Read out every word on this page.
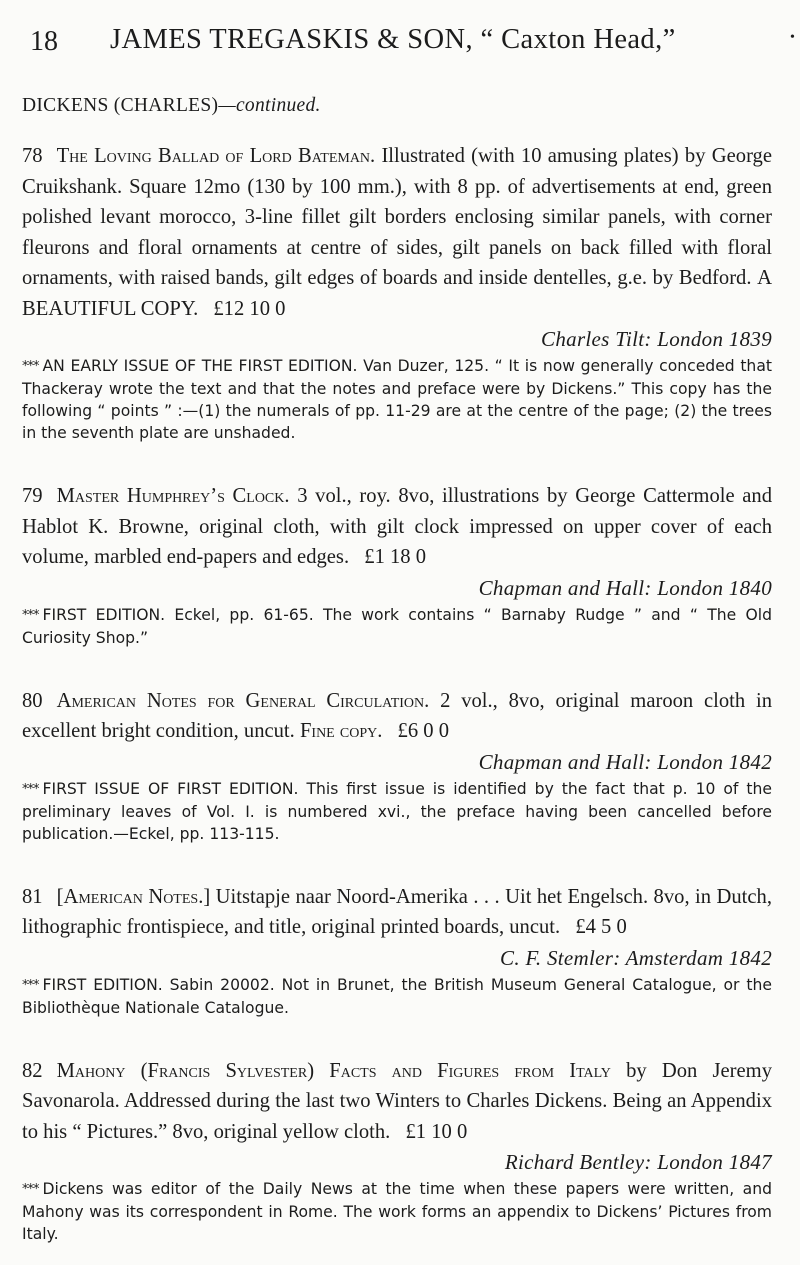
18 JAMES TREGASKIS & SON, “ Caxton Head,”	•
DICKENS (CHARLES)—continued.

78 The Loving Ballad of Lord Bateman. Illustrated (with 10 amusing plates) by George Cruikshank. Square 12mo (130 by 100 mm.), with 8 pp. of advertisements at end, green polished levant morocco, 3-line fillet gilt borders enclosing similar panels, with corner fleurons and floral ornaments at centre of sides, gilt panels on back filled with floral ornaments, with raised bands, gilt edges of boards and inside dentelles, g.e. by Bedford. A BEAUTIFUL COPY. £12 10 0

Charles Tilt: London 1839

*** AN EARLY ISSUE OF THE FIRST EDITION. Van Duzer, 125. “ It is now generally conceded that Thackeray wrote the text and that the notes and preface were by Dickens.” This copy has the following “ points ” :—(1) the numerals of pp. 11-29 are at the centre of the page; (2) the trees in the seventh plate are unshaded.

79 Master Humphrey’s Clock. 3 vol., roy. 8vo, illustrations by George Cattermole and Hablot K. Browne, original cloth, with gilt clock impressed on upper cover of each volume, marbled end-papers and edges. £1 18 0

Chapman and Hall: London 1840

*** FIRST EDITION. Eckel, pp. 61-65. The work contains “ Barnaby Rudge ” and “ The Old Curiosity Shop.”

80 American Notes for General Circulation. 2 vol., 8vo, original maroon cloth in excellent bright condition, uncut. Fine copy. £6 0 0

Chapman and Hall: London 1842

*** FIRST ISSUE OF FIRST EDITION. This first issue is identified by the fact that p. 10 of the preliminary leaves of Vol. I. is numbered xvi., the preface having been cancelled before publication.—Eckel, pp. 113-115.

81 [American Notes.] Uitstapje naar Noord-Amerika . . . Uit het Engelsch. 8vo, in Dutch, lithographic frontispiece, and title, original printed boards, uncut. £4 5 0

C. F. Stemler: Amsterdam 1842

*** FIRST EDITION. Sabin 20002. Not in Brunet, the British Museum General Catalogue, or the Bibliothèque Nationale Catalogue.

82 Mahony (Francis Sylvester) Facts and Figures from Italy by Don Jeremy Savonarola. Addressed during the last two Winters to Charles Dickens. Being an Appendix to his “ Pictures.” 8vo, original yellow cloth. £1 10 0

Richard Bentley: London 1847

*** Dickens was editor of the Daily News at the time when these papers were written, and Mahony was its correspondent in Rome. The work forms an appendix to Dickens’ Pictures from Italy.
